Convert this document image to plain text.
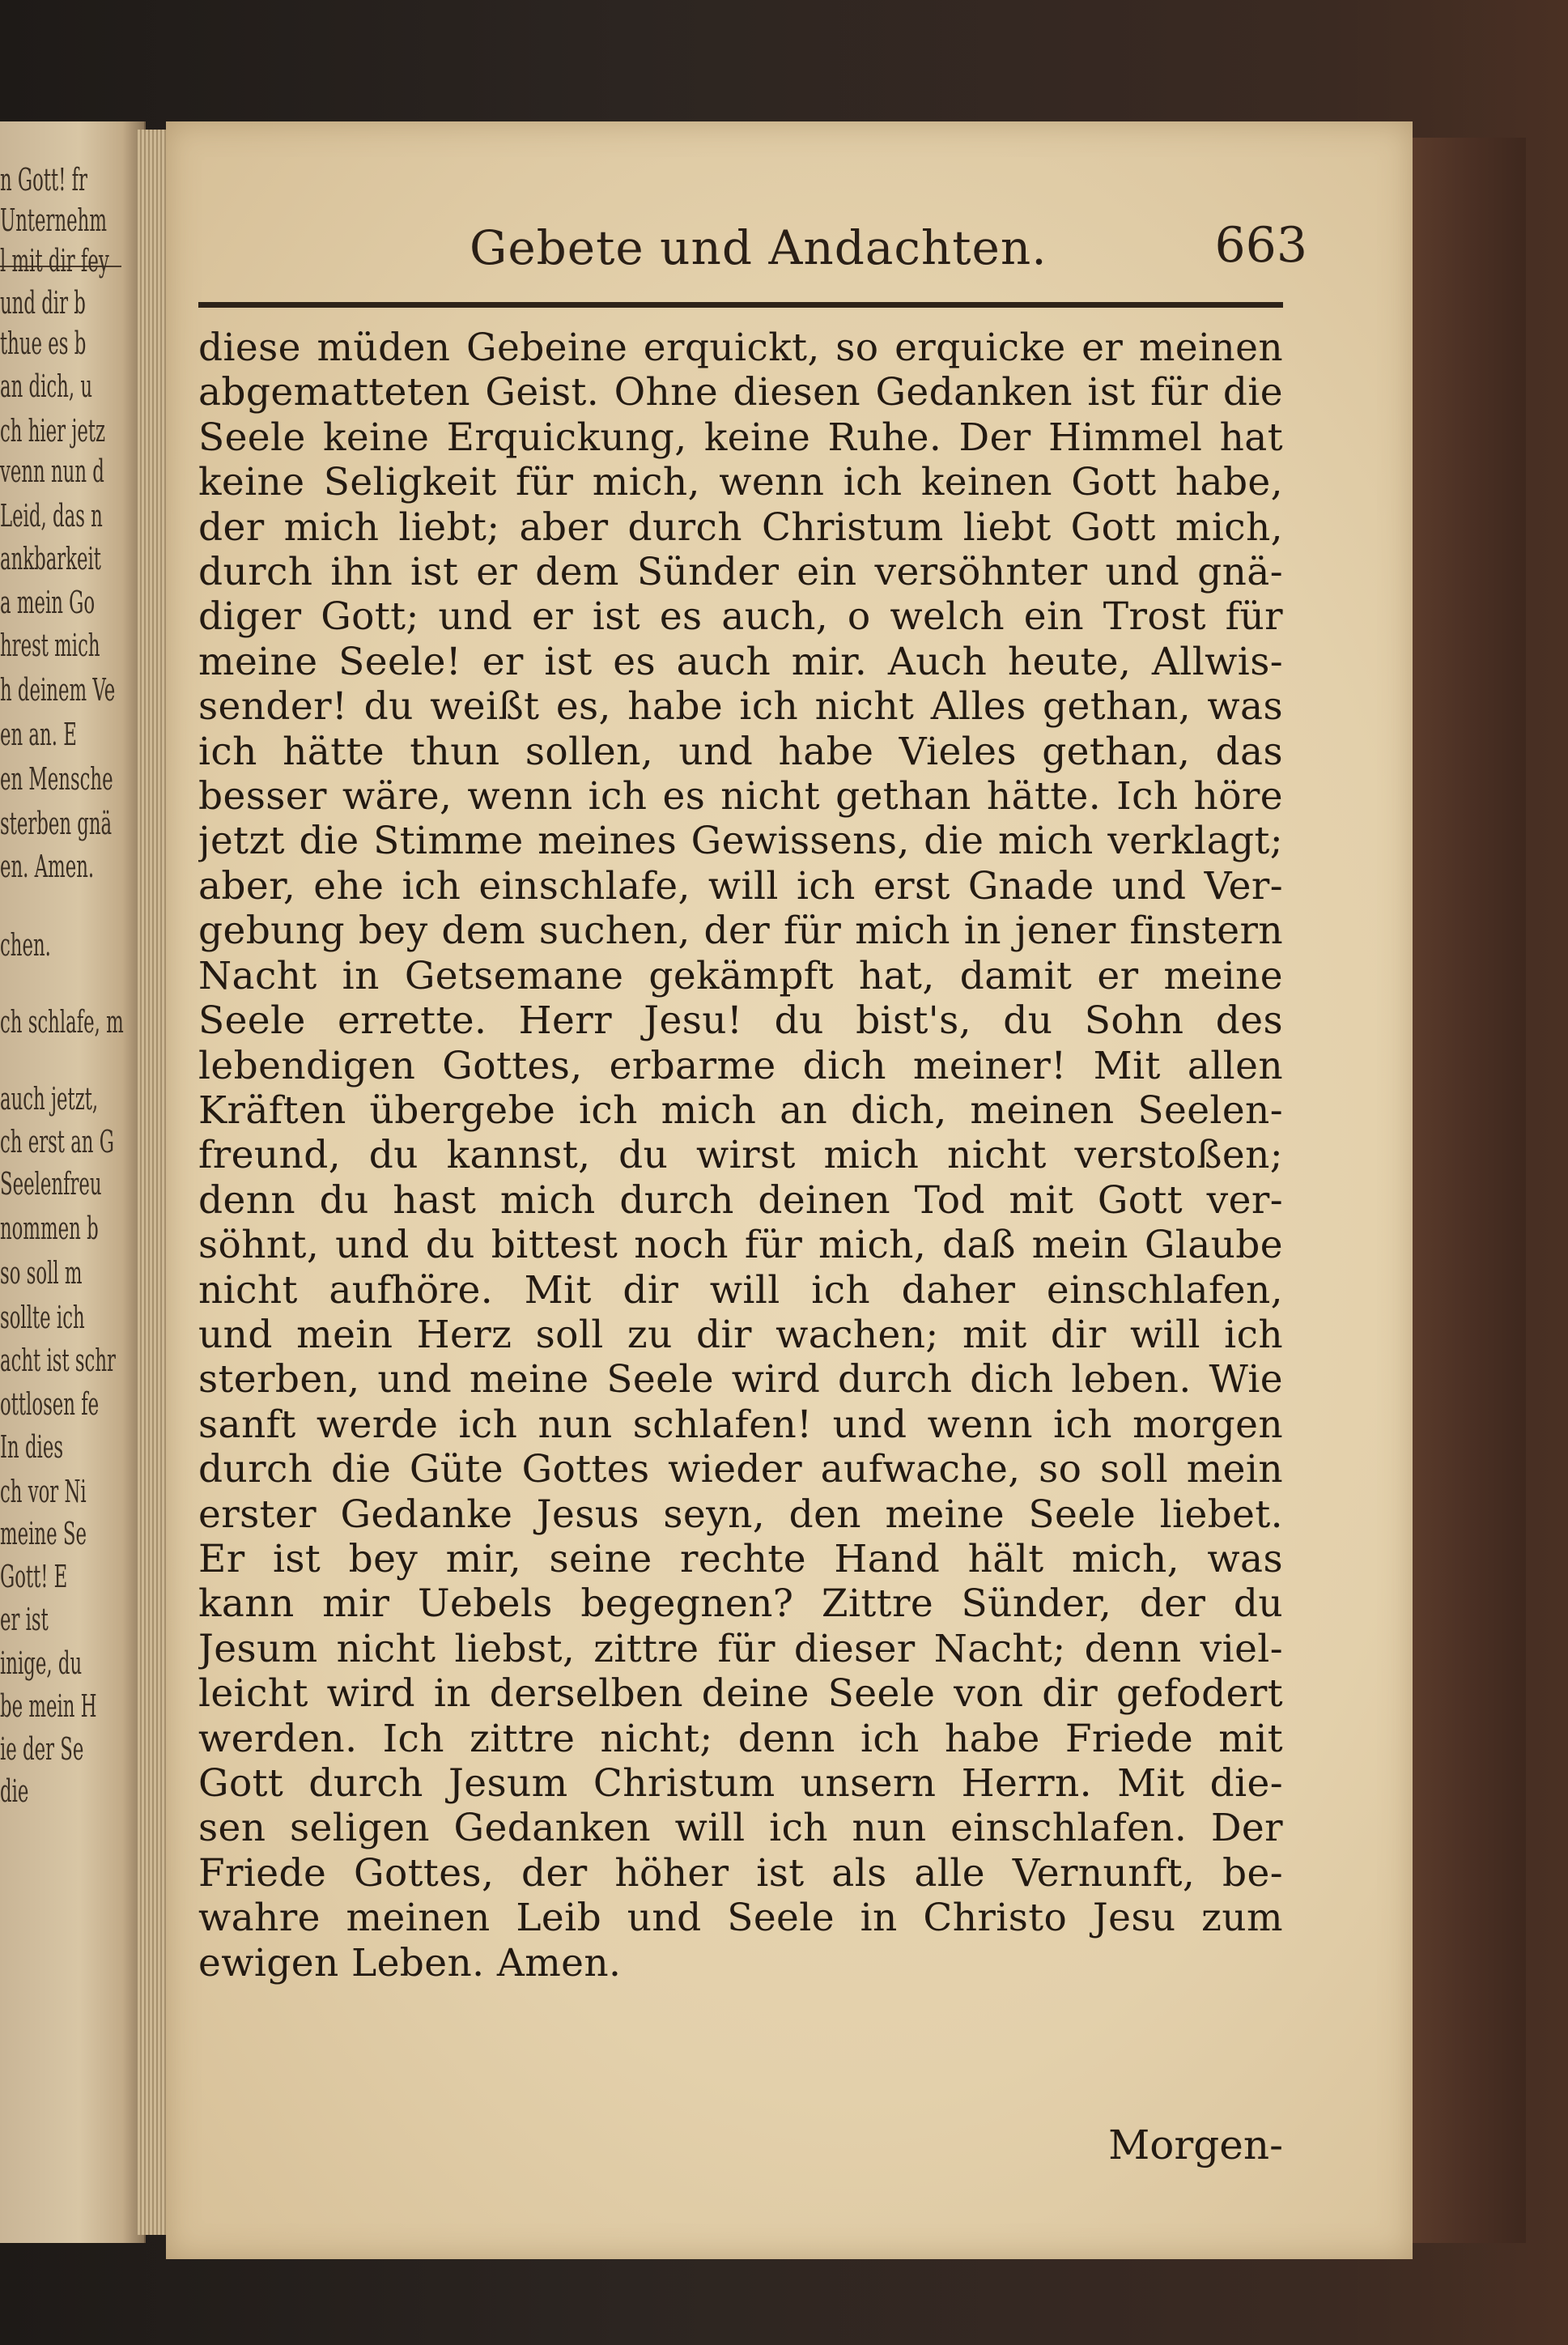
n Gott! fr
Unternehm
l mit dir fey
und dir b
thue es b
an dich, u
ch hier jetz
venn nun d
Leid, das n
ankbarkeit
a mein Go
hrest mich
h deinem Ve
en an. E
en Mensche
sterben gnä
en. Amen.
chen.
ch schlafe, m
auch jetzt,
ch erst an G
Seelenfreu
nommen b
so soll m
sollte ich
acht ist schr
ottlosen fe
In dies
ch vor Ni
meine Se
Gott! E
er ist
inige, du
be mein H
ie der Se
die
Gebete und Andachten.	663
diese müden Gebeine erquickt, so erquicke er meinen
abgematteten Geist. Ohne diesen Gedanken ist für die
Seele keine Erquickung, keine Ruhe. Der Himmel hat
keine Seligkeit für mich, wenn ich keinen Gott habe,
der mich liebt; aber durch Christum liebt Gott mich,
durch ihn ist er dem Sünder ein versöhnter und gnä-
diger Gott; und er ist es auch, o welch ein Trost für
meine Seele! er ist es auch mir. Auch heute, Allwis-
sender! du weißt es, habe ich nicht Alles gethan, was
ich hätte thun sollen, und habe Vieles gethan, das
besser wäre, wenn ich es nicht gethan hätte. Ich höre
jetzt die Stimme meines Gewissens, die mich verklagt;
aber, ehe ich einschlafe, will ich erst Gnade und Ver-
gebung bey dem suchen, der für mich in jener finstern
Nacht in Getsemane gekämpft hat, damit er meine
Seele errette. Herr Jesu! du bist's, du Sohn des
lebendigen Gottes, erbarme dich meiner! Mit allen
Kräften übergebe ich mich an dich, meinen Seelen-
freund, du kannst, du wirst mich nicht verstoßen;
denn du hast mich durch deinen Tod mit Gott ver-
söhnt, und du bittest noch für mich, daß mein Glaube
nicht aufhöre. Mit dir will ich daher einschlafen,
und mein Herz soll zu dir wachen; mit dir will ich
sterben, und meine Seele wird durch dich leben. Wie
sanft werde ich nun schlafen! und wenn ich morgen
durch die Güte Gottes wieder aufwache, so soll mein
erster Gedanke Jesus seyn, den meine Seele liebet.
Er ist bey mir, seine rechte Hand hält mich, was
kann mir Uebels begegnen? Zittre Sünder, der du
Jesum nicht liebst, zittre für dieser Nacht; denn viel-
leicht wird in derselben deine Seele von dir gefodert
werden. Ich zittre nicht; denn ich habe Friede mit
Gott durch Jesum Christum unsern Herrn. Mit die-
sen seligen Gedanken will ich nun einschlafen. Der
Friede Gottes, der höher ist als alle Vernunft, be-
wahre meinen Leib und Seele in Christo Jesu zum
ewigen Leben. Amen.
Morgen-
